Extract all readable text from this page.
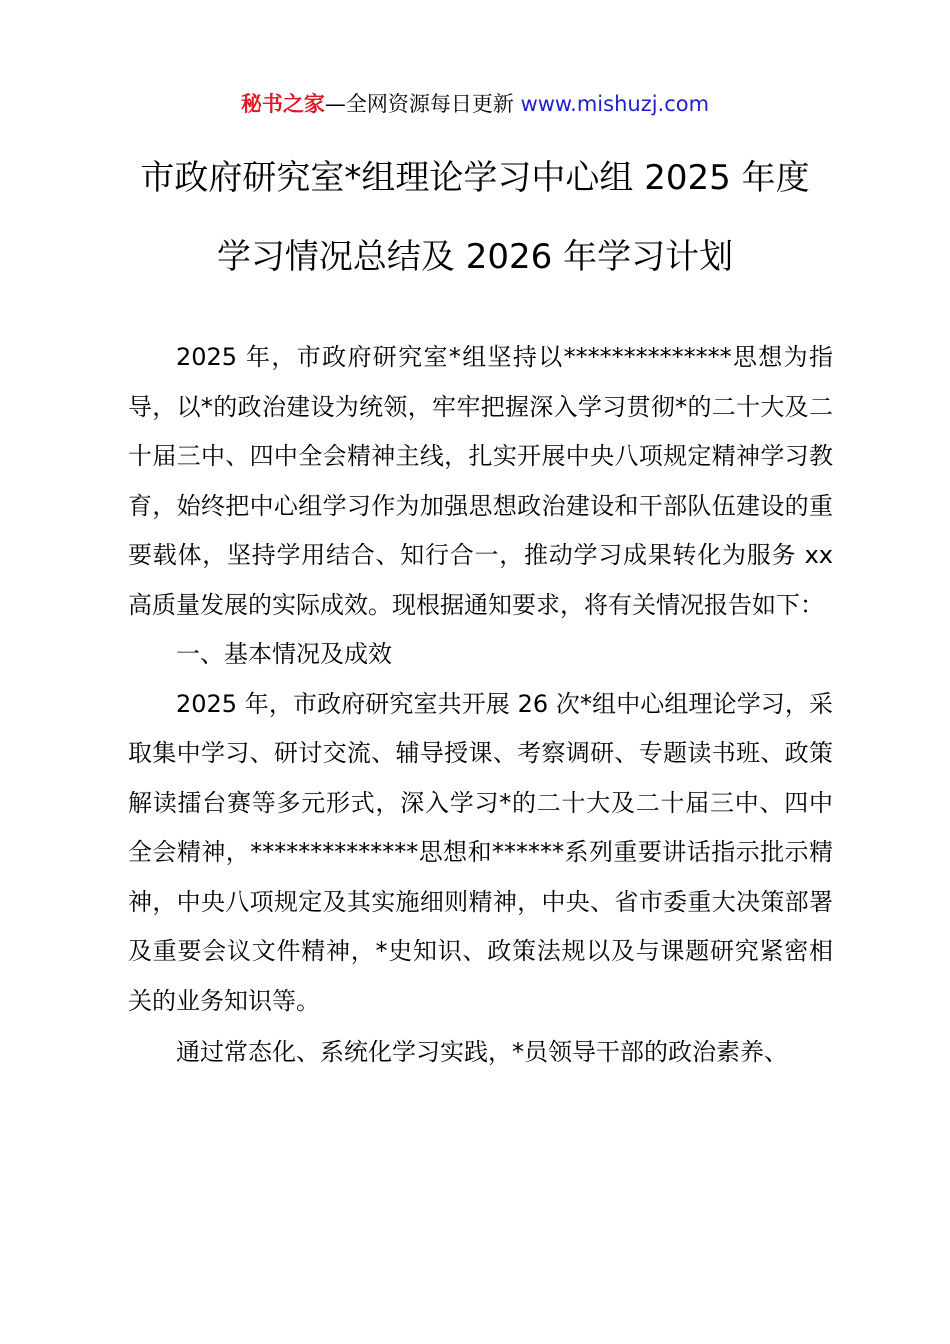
秘书之家—全网资源每日更新 www.mishuzj.com
市政府研究室*组理论学习中心组 2025 年度
学习情况总结及 2026 年学习计划

2025 年，市政府研究室*组坚持以**************思想为指导，以*的政治建设为统领，牢牢把握深入学习贯彻*的二十大及二十届三中、四中全会精神主线，扎实开展中央八项规定精神学习教育，始终把中心组学习作为加强思想政治建设和干部队伍建设的重要载体，坚持学用结合、知行合一，推动学习成果转化为服务 xx 高质量发展的实际成效。现根据通知要求，将有关情况报告如下：

一、基本情况及成效

2025 年，市政府研究室共开展 26 次*组中心组理论学习，采取集中学习、研讨交流、辅导授课、考察调研、专题读书班、政策解读擂台赛等多元形式，深入学习*的二十大及二十届三中、四中全会精神，**************思想和******系列重要讲话指示批示精神，中央八项规定及其实施细则精神，中央、省市委重大决策部署及重要会议文件精神，*史知识、政策法规以及与课题研究紧密相关的业务知识等。

通过常态化、系统化学习实践，*员领导干部的政治素养、
